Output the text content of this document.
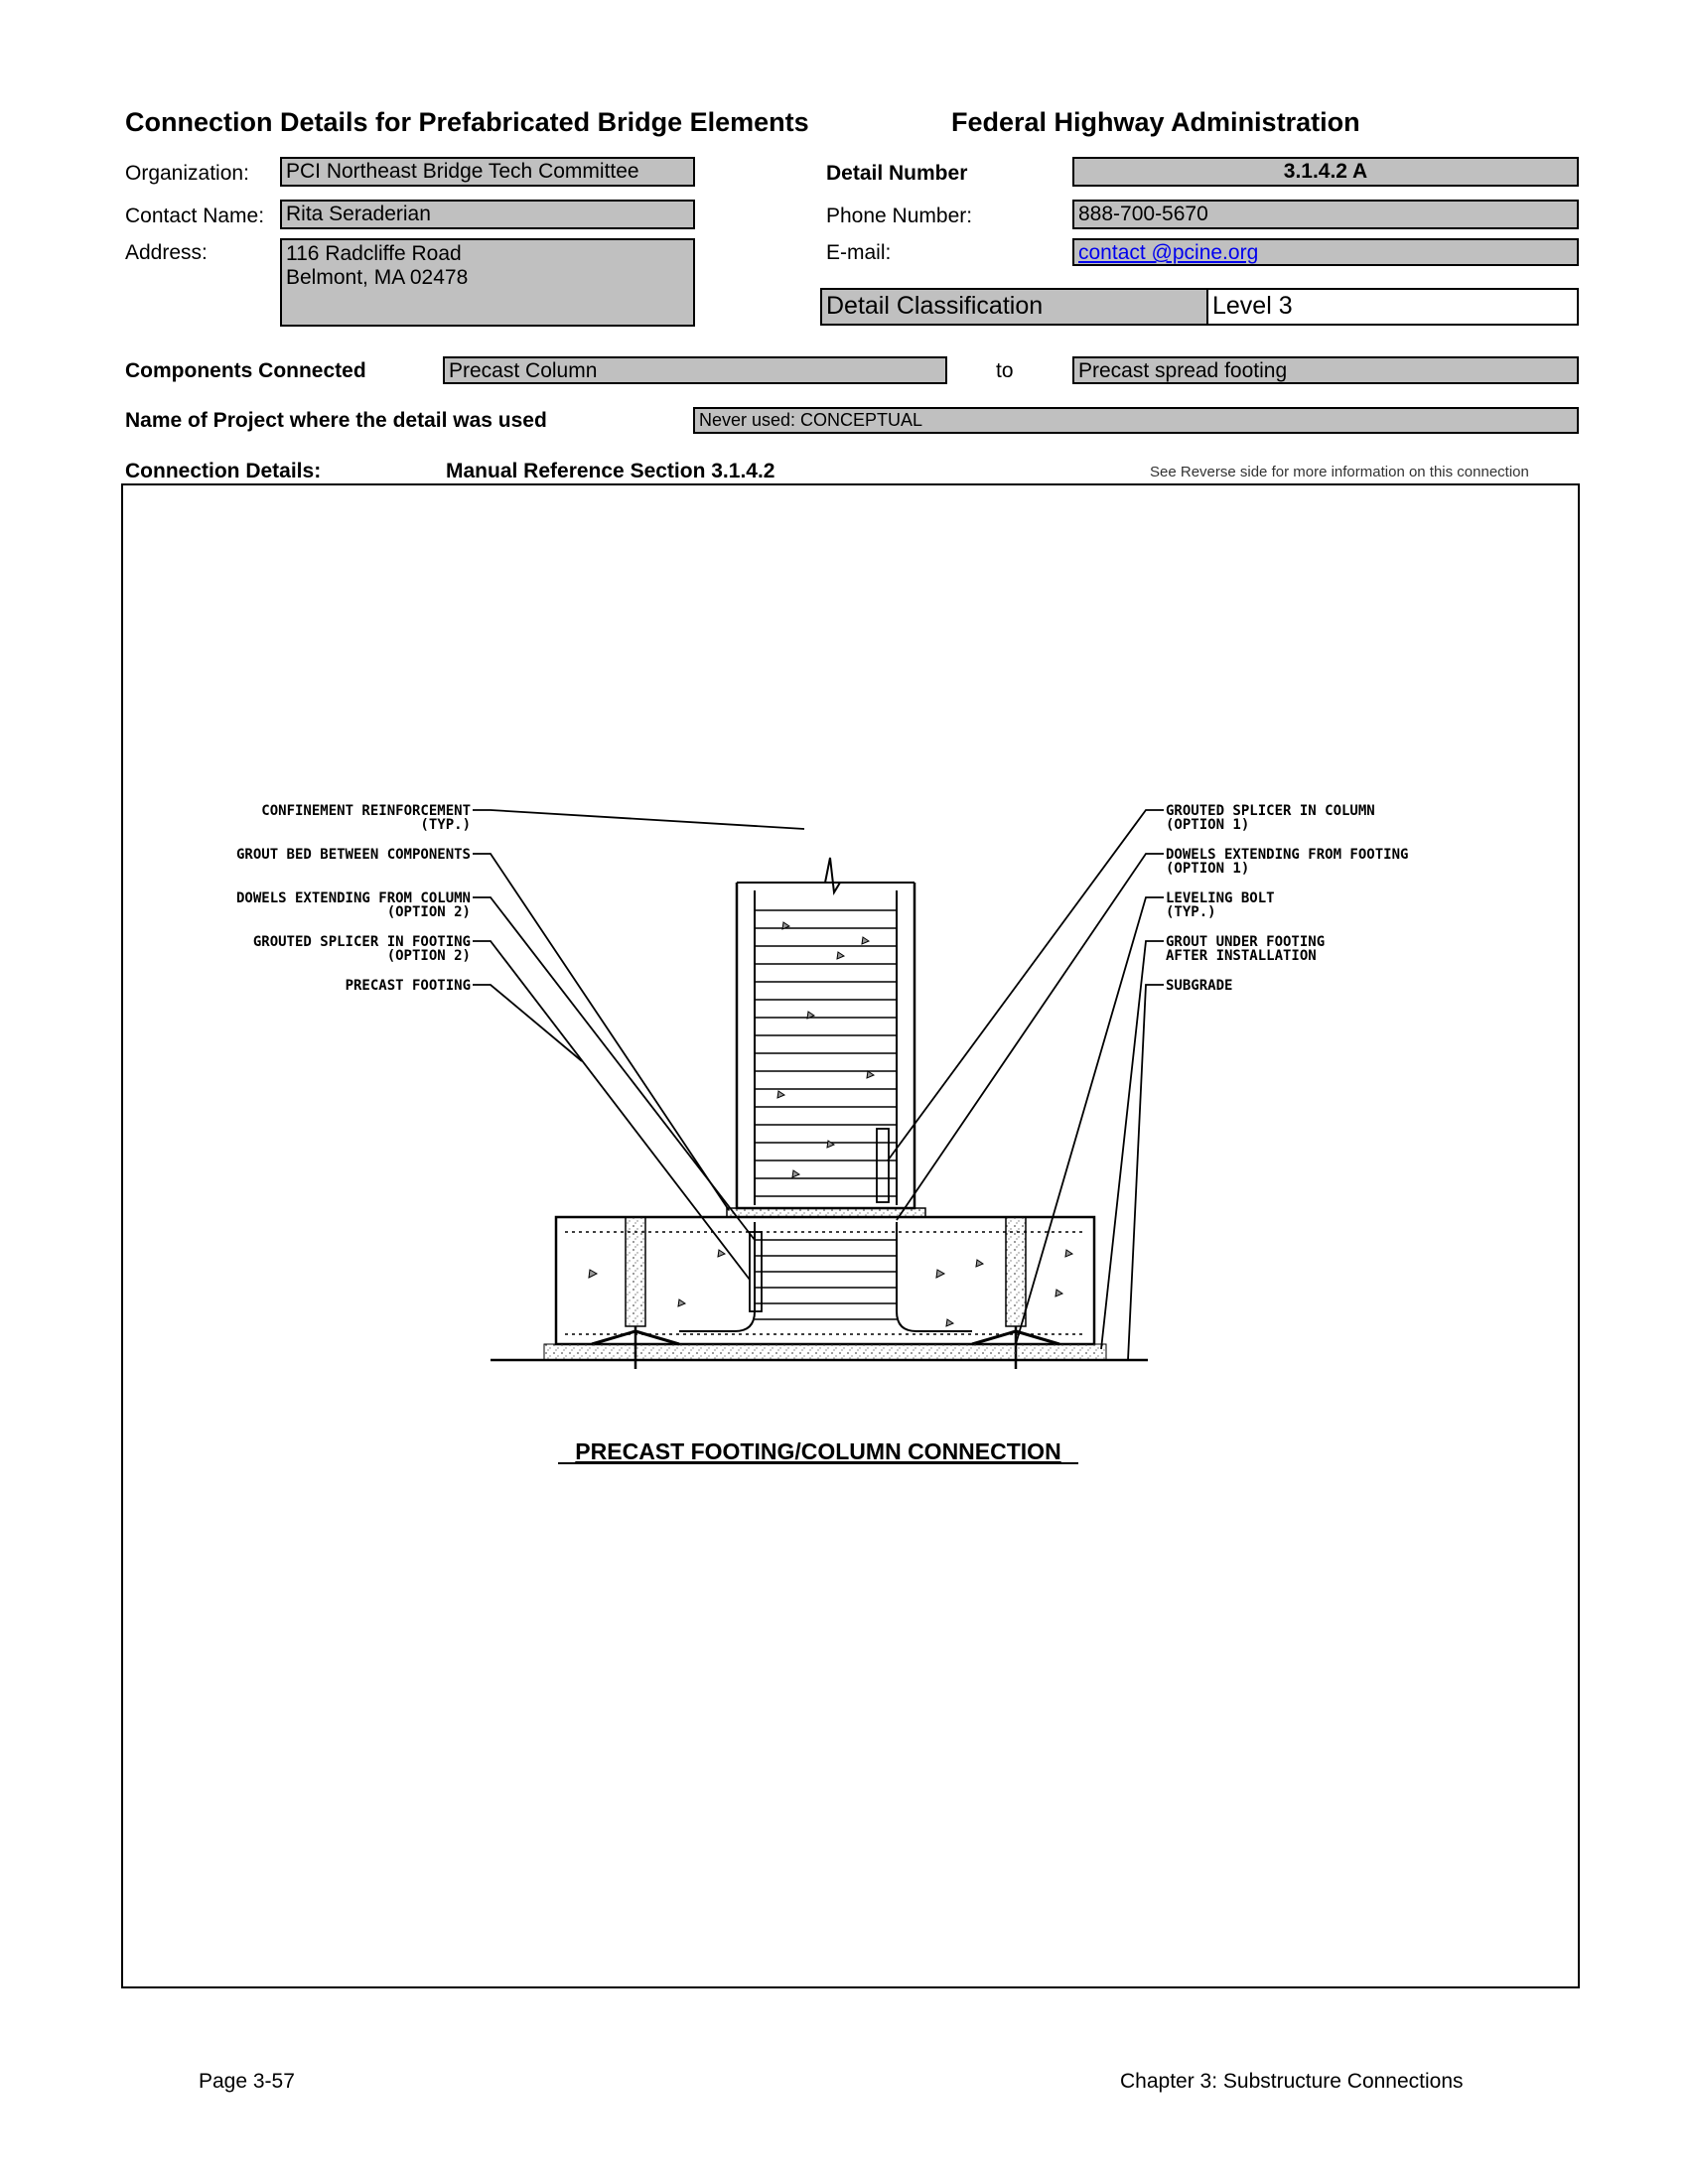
Connection Details for Prefabricated Bridge Elements	Federal Highway Administration
Organization: PCI Northeast Bridge Tech Committee
Contact Name: Rita Seraderian
Address:	116 Radcliffe Road
Belmont, MA 02478
Detail Number	3.1.4.2 A
Phone Number:	888-700-5670
E-mail:	contact @pcine.org
Detail Classification	Level 3
Components Connected	Precast Column	to	Precast spread footing
Name of Project where the detail was used	Never used: CONCEPTUAL
Connection Details:	Manual Reference Section 3.1.4.2	See Reverse side for more information on this connection
CONFINEMENT REINFORCEMENT
(TYP.)
GROUT BED BETWEEN COMPONENTS
DOWELS EXTENDING FROM COLUMN
(OPTION 2)
GROUTED SPLICER IN FOOTING
(OPTION 2)
PRECAST FOOTING
GROUTED SPLICER IN COLUMN
(OPTION 1)
DOWELS EXTENDING FROM FOOTING
(OPTION 1)
LEVELING BOLT
(TYP.)
GROUT UNDER FOOTING
AFTER INSTALLATION
SUBGRADE
PRECAST FOOTING/COLUMN CONNECTION
Page 3-57	Chapter 3: Substructure Connections
